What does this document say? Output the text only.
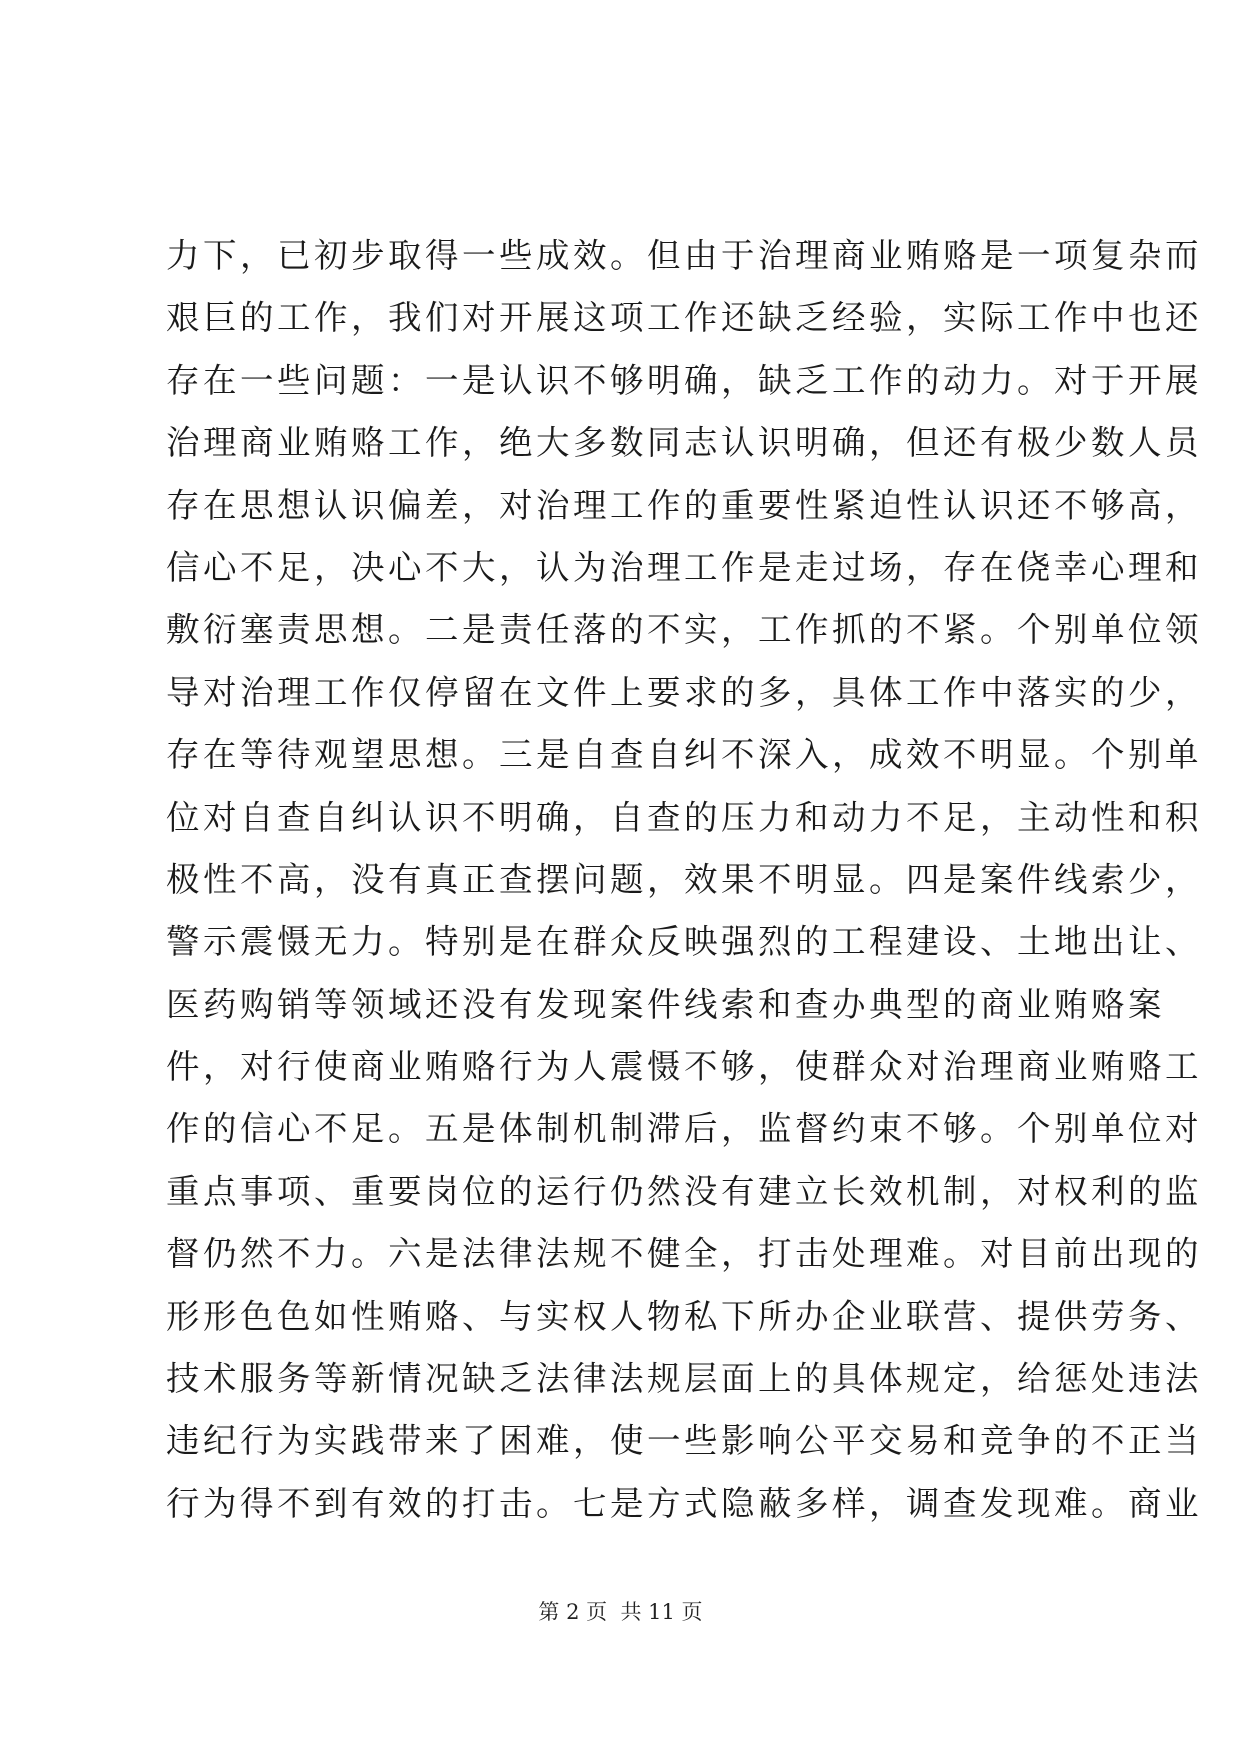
力下，已初步取得一些成效。但由于治理商业贿赂是一项复杂而
艰巨的工作，我们对开展这项工作还缺乏经验，实际工作中也还
存在一些问题：一是认识不够明确，缺乏工作的动力。对于开展
治理商业贿赂工作，绝大多数同志认识明确，但还有极少数人员
存在思想认识偏差，对治理工作的重要性紧迫性认识还不够高，
信心不足，决心不大，认为治理工作是走过场，存在侥幸心理和
敷衍塞责思想。二是责任落的不实，工作抓的不紧。个别单位领
导对治理工作仅停留在文件上要求的多，具体工作中落实的少，
存在等待观望思想。三是自查自纠不深入，成效不明显。个别单
位对自查自纠认识不明确，自查的压力和动力不足，主动性和积
极性不高，没有真正查摆问题，效果不明显。四是案件线索少，
警示震慑无力。特别是在群众反映强烈的工程建设、土地出让、
医药购销等领域还没有发现案件线索和查办典型的商业贿赂案
件，对行使商业贿赂行为人震慑不够，使群众对治理商业贿赂工
作的信心不足。五是体制机制滞后，监督约束不够。个别单位对
重点事项、重要岗位的运行仍然没有建立长效机制，对权利的监
督仍然不力。六是法律法规不健全，打击处理难。对目前出现的
形形色色如性贿赂、与实权人物私下所办企业联营、提供劳务、
技术服务等新情况缺乏法律法规层面上的具体规定，给惩处违法
违纪行为实践带来了困难，使一些影响公平交易和竞争的不正当
行为得不到有效的打击。七是方式隐蔽多样，调查发现难。商业
第 2 页  共 11 页
